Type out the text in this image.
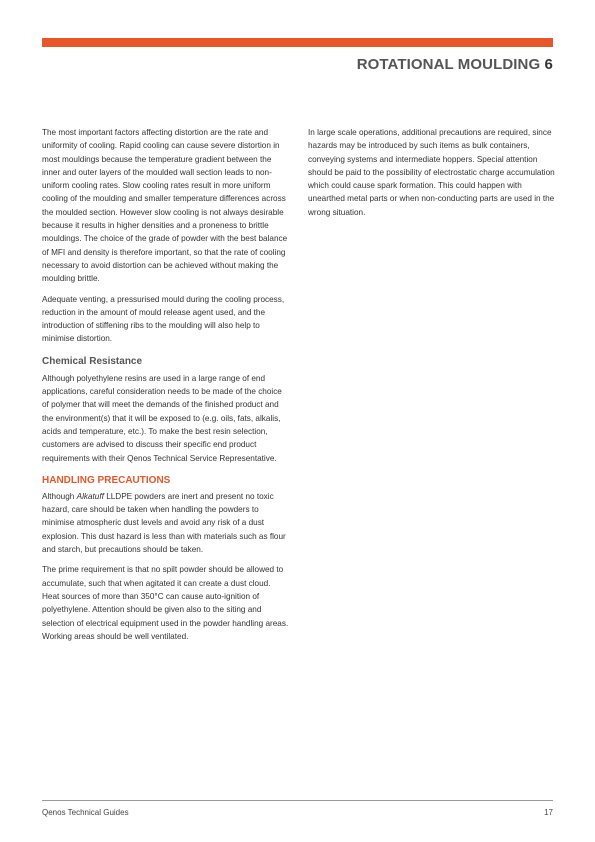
ROTATIONAL MOULDING 6

The most important factors affecting distortion are the rate and uniformity of cooling. Rapid cooling can cause severe distortion in most mouldings because the temperature gradient between the inner and outer layers of the moulded wall section leads to non-uniform cooling rates. Slow cooling rates result in more uniform cooling of the moulding and smaller temperature differences across the moulded section. However slow cooling is not always desirable because it results in higher densities and a proneness to brittle mouldings. The choice of the grade of powder with the best balance of MFI and density is therefore important, so that the rate of cooling necessary to avoid distortion can be achieved without making the moulding brittle.

Adequate venting, a pressurised mould during the cooling process, reduction in the amount of mould release agent used, and the introduction of stiffening ribs to the moulding will also help to minimise distortion.

Chemical Resistance

Although polyethylene resins are used in a large range of end applications, careful consideration needs to be made of the choice of polymer that will meet the demands of the finished product and the environment(s) that it will be exposed to (e.g. oils, fats, alkalis, acids and temperature, etc.). To make the best resin selection, customers are advised to discuss their specific end product requirements with their Qenos Technical Service Representative.

HANDLING PRECAUTIONS

Although Alkatuff LLDPE powders are inert and present no toxic hazard, care should be taken when handling the powders to minimise atmospheric dust levels and avoid any risk of a dust explosion. This dust hazard is less than with materials such as flour and starch, but precautions should be taken.

The prime requirement is that no spilt powder should be allowed to accumulate, such that when agitated it can create a dust cloud. Heat sources of more than 350°C can cause auto-ignition of polyethylene. Attention should be given also to the siting and selection of electrical equipment used in the powder handling areas. Working areas should be well ventilated.

In large scale operations, additional precautions are required, since hazards may be introduced by such items as bulk containers, conveying systems and intermediate hoppers. Special attention should be paid to the possibility of electrostatic charge accumulation which could cause spark formation. This could happen with unearthed metal parts or when non-conducting parts are used in the wrong situation.

Qenos Technical Guides	17
